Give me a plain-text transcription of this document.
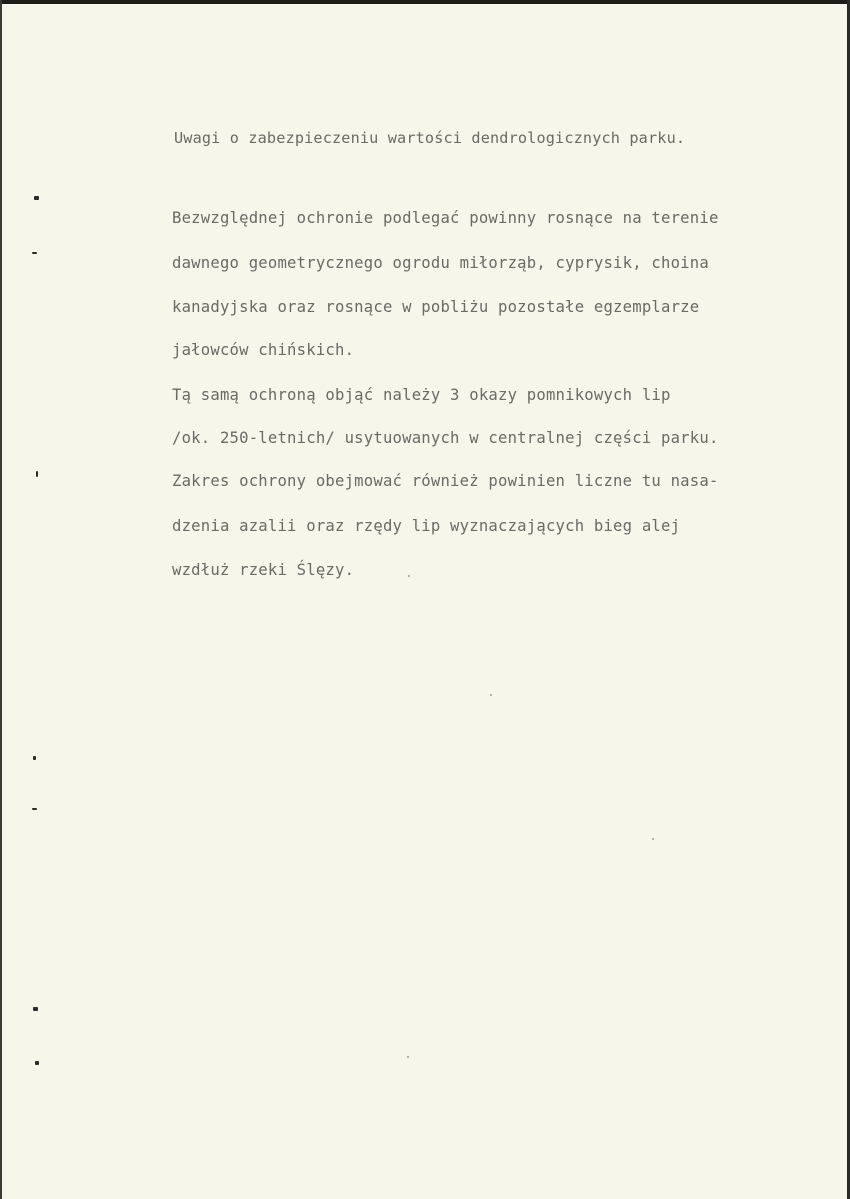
Uwagi o zabezpieczeniu wartości dendrologicznych parku.
Bezwzględnej ochronie podlegać powinny rosnące na terenie
dawnego geometrycznego ogrodu miłorząb, cyprysik, choina
kanadyjska oraz rosnące w pobliżu pozostałe egzemplarze
jałowców chińskich.
Tą samą ochroną objąć należy 3 okazy pomnikowych lip
/ok. 250-letnich/ usytuowanych w centralnej części parku.
Zakres ochrony obejmować również powinien liczne tu nasa-
dzenia azalii oraz rzędy lip wyznaczających bieg alej
wzdłuż rzeki Ślęzy.
